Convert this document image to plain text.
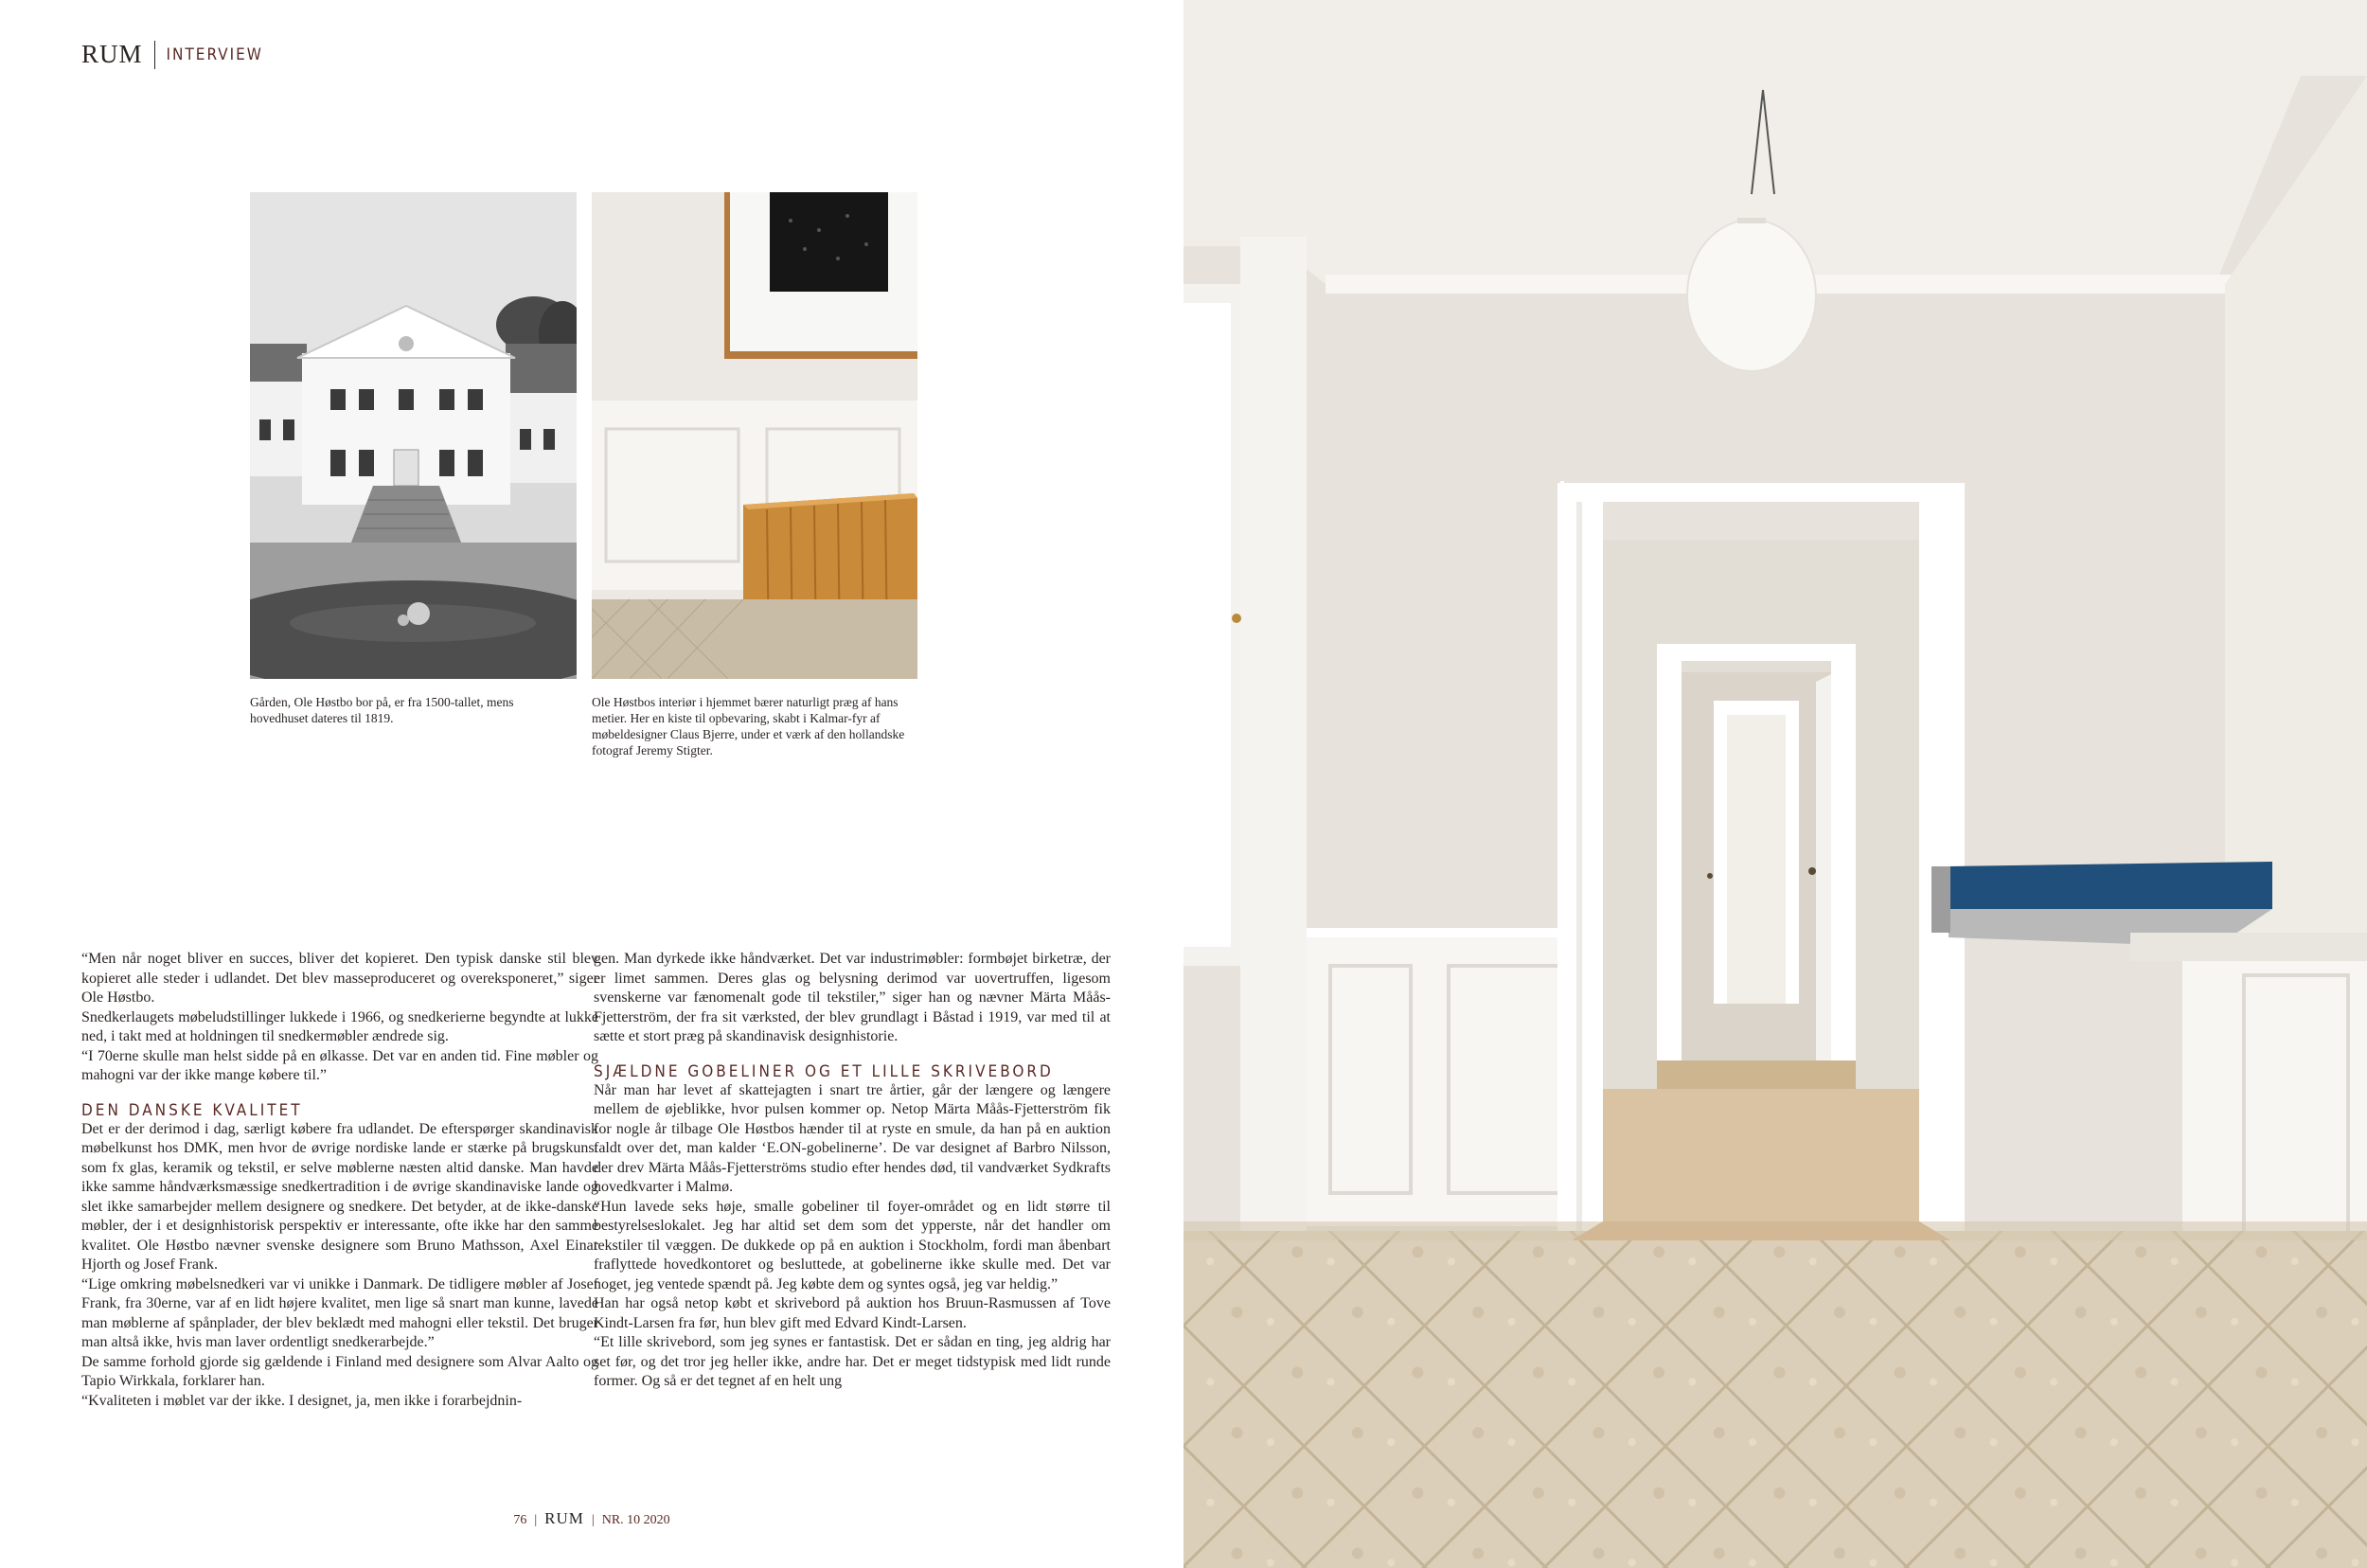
RUM INTERVIEW
Gården, Ole Høstbo bor på, er fra 1500-tallet, mens hovedhuset dateres til 1819.
Ole Høstbos interiør i hjemmet bærer naturligt præg af hans metier. Her en kiste til opbevaring, skabt i Kalmar-fyr af møbeldesigner Claus Bjerre, under et værk af den hollandske fotograf Jeremy Stigter.

“Men når noget bliver en succes, bliver det kopieret. Den typisk danske stil blev kopieret alle steder i udlandet. Det blev masseproduceret og overeksponeret,” siger Ole Høstbo.

Snedkerlaugets møbeludstillinger lukkede i 1966, og snedkerierne begyndte at lukke ned, i takt med at holdningen til snedkermøbler ændrede sig.

“I 70erne skulle man helst sidde på en ølkasse. Det var en anden tid. Fine møbler og mahogni var der ikke mange købere til.”

DEN DANSKE KVALITET

Det er der derimod i dag, særligt købere fra udlandet. De efterspørger skandinavisk møbelkunst hos DMK, men hvor de øvrige nordiske lande er stærke på brugskunst som fx glas, keramik og tekstil, er selve møblerne næsten altid danske. Man havde ikke samme håndværksmæssige snedkertradition i de øvrige skandinaviske lande og slet ikke samarbejder mellem designere og snedkere. Det betyder, at de ikke-danske møbler, der i et designhistorisk perspektiv er interessante, ofte ikke har den samme kvalitet. Ole Høstbo nævner svenske designere som Bruno Mathsson, Axel Einar Hjorth og Josef Frank.

“Lige omkring møbelsnedkeri var vi unikke i Danmark. De tidligere møbler af Josef Frank, fra 30erne, var af en lidt højere kvalitet, men lige så snart man kunne, lavede man møblerne af spånplader, der blev beklædt med mahogni eller tekstil. Det bruger man altså ikke, hvis man laver ordentligt snedkerarbejde.”

De samme forhold gjorde sig gældende i Finland med designere som Alvar Aalto og Tapio Wirkkala, forklarer han.

“Kvaliteten i møblet var der ikke. I designet, ja, men ikke i forarbejdnin-

gen. Man dyrkede ikke håndværket. Det var industrimøbler: formbøjet birketræ, der er limet sammen. Deres glas og belysning derimod var uovertruffen, ligesom svenskerne var fænomenalt gode til tekstiler,” siger han og nævner Märta Måås-Fjetterström, der fra sit værksted, der blev grundlagt i Båstad i 1919, var med til at sætte et stort præg på skandinavisk designhistorie.

SJÆLDNE GOBELINER OG ET LILLE SKRIVEBORD

Når man har levet af skattejagten i snart tre årtier, går der længere og længere mellem de øjeblikke, hvor pulsen kommer op. Netop Märta Måås-Fjetterström fik for nogle år tilbage Ole Høstbos hænder til at ryste en smule, da han på en auktion faldt over det, man kalder ‘E.ON-gobelinerne’. De var designet af Barbro Nilsson, der drev Märta Måås-Fjetterströms studio efter hendes død, til vandværket Sydkrafts hovedkvarter i Malmø.

“Hun lavede seks høje, smalle gobeliner til foyer-området og en lidt større til bestyrelseslokalet. Jeg har altid set dem som det ypperste, når det handler om tekstiler til væggen. De dukkede op på en auktion i Stockholm, fordi man åbenbart fraflyttede hovedkontoret og besluttede, at gobelinerne ikke skulle med. Det var noget, jeg ventede spændt på. Jeg købte dem og syntes også, jeg var heldig.”

Han har også netop købt et skrivebord på auktion hos Bruun-Rasmussen af Tove Kindt-Larsen fra før, hun blev gift med Edvard Kindt-Larsen.

“Et lille skrivebord, som jeg synes er fantastisk. Det er sådan en ting, jeg aldrig har set før, og det tror jeg heller ikke, andre har. Det er meget tidstypisk med lidt runde former. Og så er det tegnet af en helt ung

76 | RUM | NR. 10 2020
